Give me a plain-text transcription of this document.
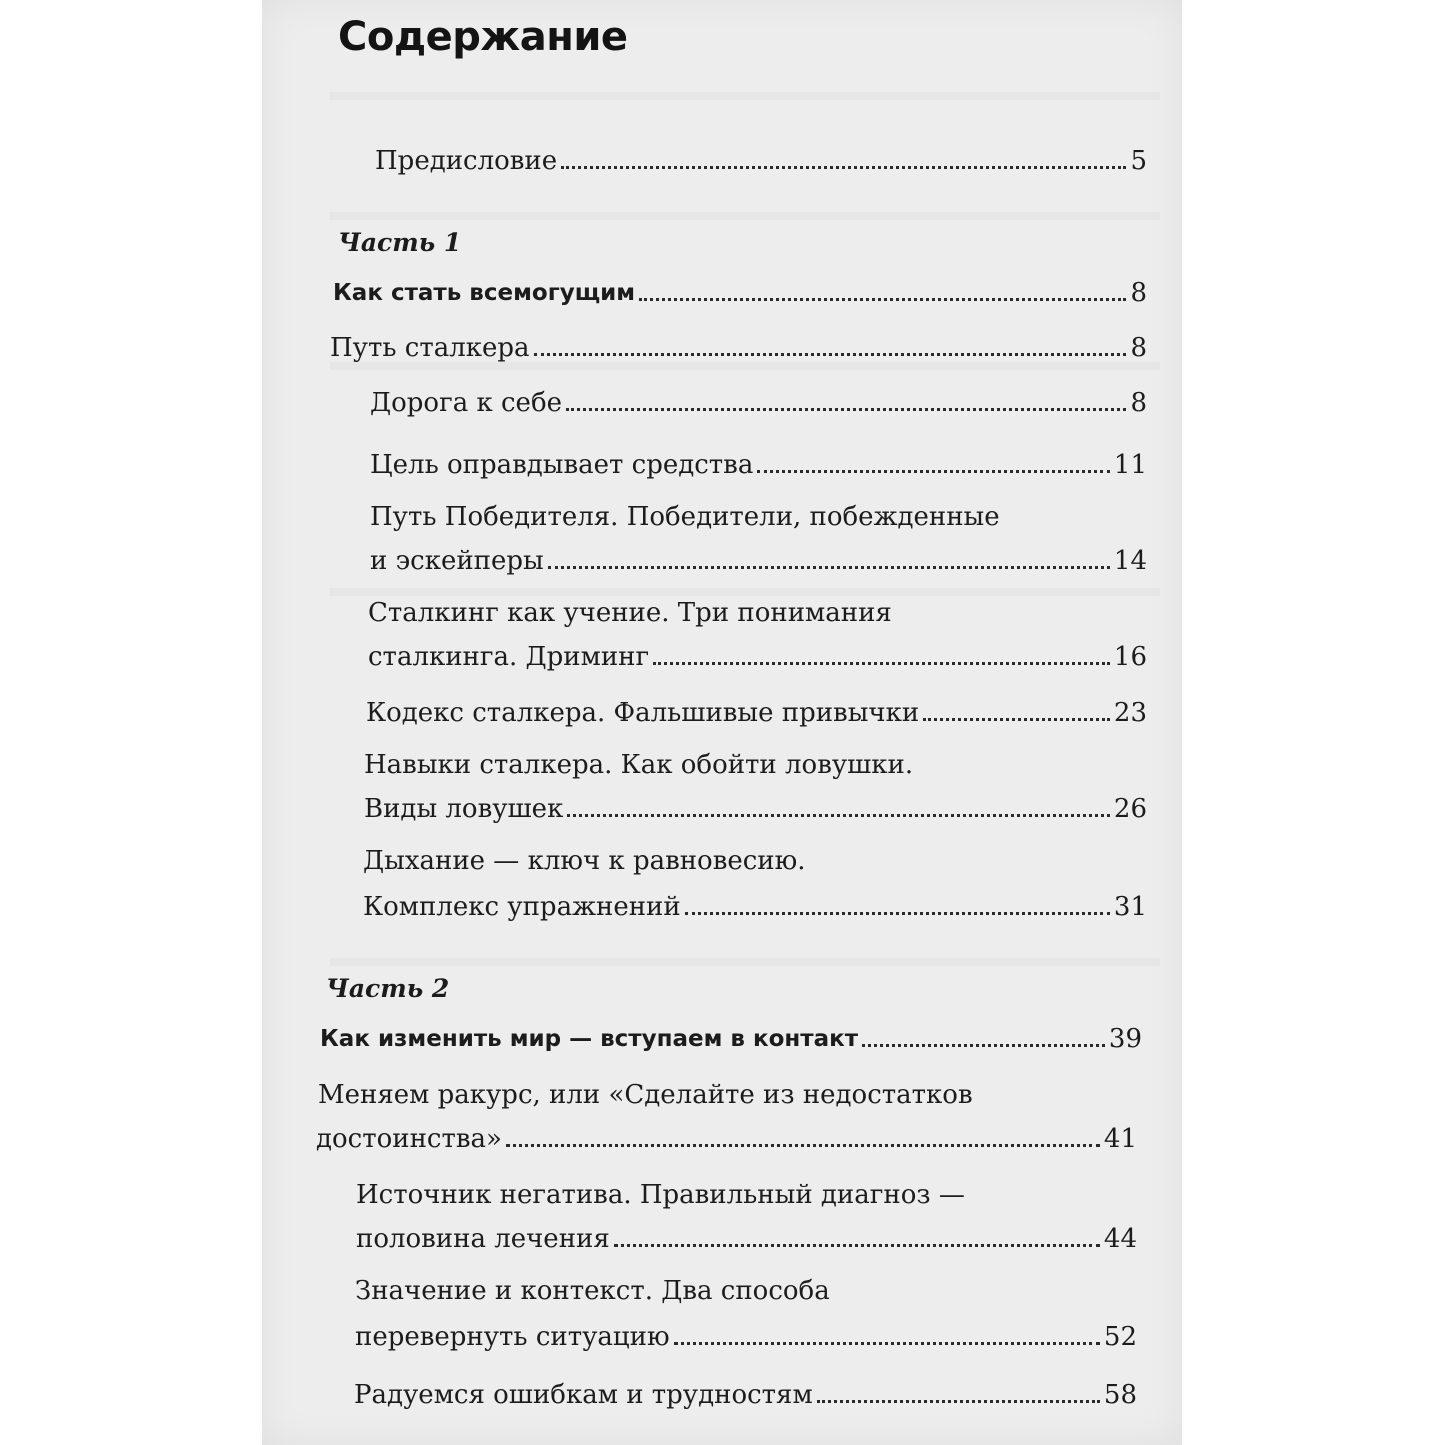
Содержание
Предисловие	5
Часть 1
Как стать всемогущим	8
Путь сталкера	8
Дорога к себе	8
Цель оправдывает средства	11
Путь Победителя. Победители, побежденные
и эскейперы	14
Сталкинг как учение. Три понимания
сталкинга. Дриминг	16
Кодекс сталкера. Фальшивые привычки	23
Навыки сталкера. Как обойти ловушки.
Виды ловушек	26
Дыхание — ключ к равновесию.
Комплекс упражнений	31
Часть 2
Как изменить мир — вступаем в контакт	39
Меняем ракурс, или «Сделайте из недостатков
достоинства»	41
Источник негатива. Правильный диагноз —
половина лечения	44
Значение и контекст. Два способа
перевернуть ситуацию	52
Радуемся ошибкам и трудностям	58
